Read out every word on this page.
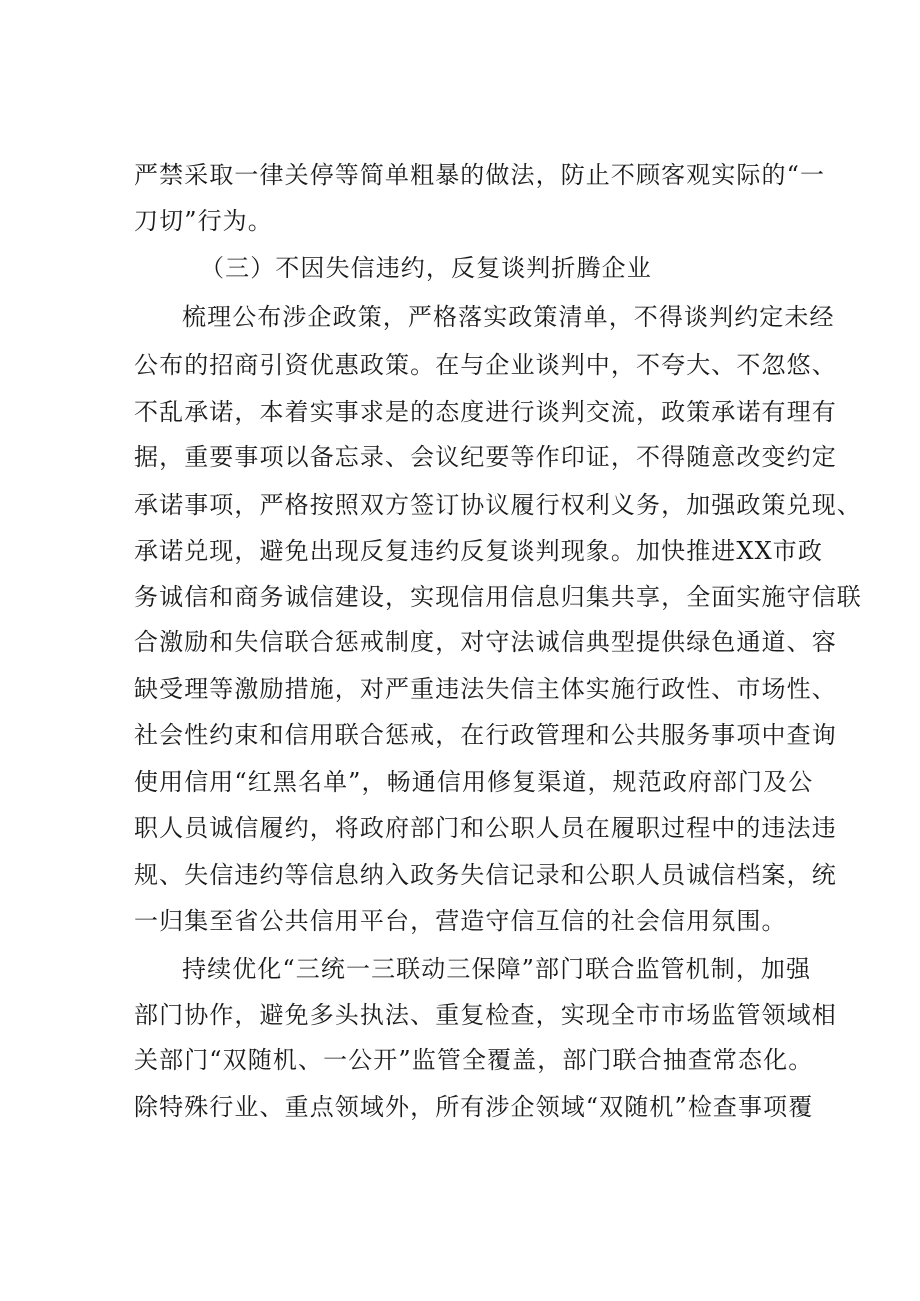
严禁采取一律关停等简单粗暴的做法，防止不顾客观实际的“一
刀切”行为。
（三）不因失信违约，反复谈判折腾企业
梳理公布涉企政策，严格落实政策清单，不得谈判约定未经
公布的招商引资优惠政策。在与企业谈判中，不夸大、不忽悠、
不乱承诺，本着实事求是的态度进行谈判交流，政策承诺有理有
据，重要事项以备忘录、会议纪要等作印证，不得随意改变约定
承诺事项，严格按照双方签订协议履行权利义务，加强政策兑现、
承诺兑现，避免出现反复违约反复谈判现象。加快推进XX市政
务诚信和商务诚信建设，实现信用信息归集共享，全面实施守信联
合激励和失信联合惩戒制度，对守法诚信典型提供绿色通道、容
缺受理等激励措施，对严重违法失信主体实施行政性、市场性、
社会性约束和信用联合惩戒，在行政管理和公共服务事项中查询
使用信用“红黑名单”，畅通信用修复渠道，规范政府部门及公
职人员诚信履约，将政府部门和公职人员在履职过程中的违法违
规、失信违约等信息纳入政务失信记录和公职人员诚信档案，统
一归集至省公共信用平台，营造守信互信的社会信用氛围。
持续优化“三统一三联动三保障”部门联合监管机制，加强
部门协作，避免多头执法、重复检查，实现全市市场监管领域相
关部门“双随机、一公开”监管全覆盖，部门联合抽查常态化。
除特殊行业、重点领域外，所有涉企领域“双随机”检查事项覆
